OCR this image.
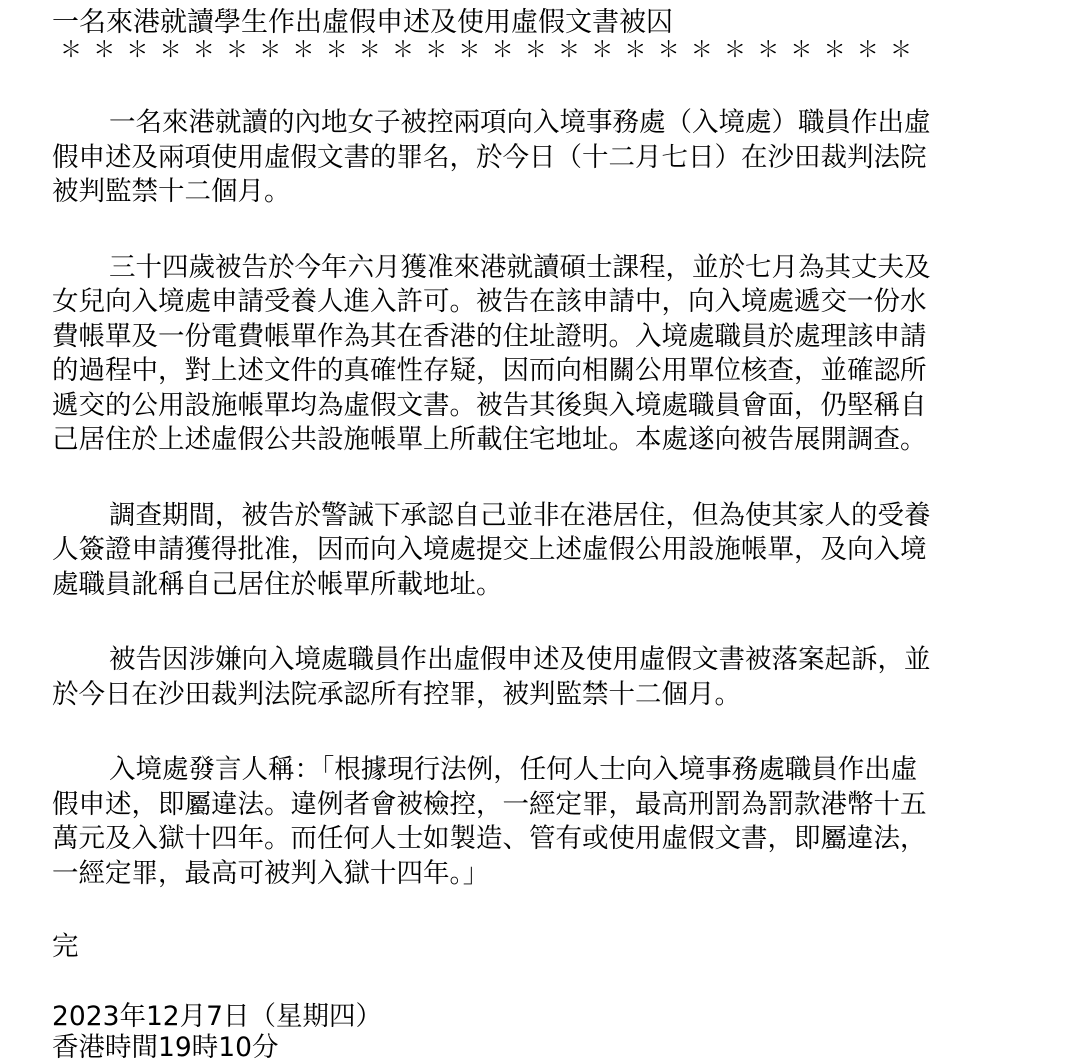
一名來港就讀學生作出虛假申述及使用虛假文書被囚
＊＊＊＊＊＊＊＊＊＊＊＊＊＊＊＊＊＊＊＊＊＊＊＊＊＊

一名來港就讀的內地女子被控兩項向入境事務處（入境處）職員作出虛
假申述及兩項使用虛假文書的罪名，於今日（十二月七日）在沙田裁判法院
被判監禁十二個月。

三十四歲被告於今年六月獲准來港就讀碩士課程，並於七月為其丈夫及
女兒向入境處申請受養人進入許可。被告在該申請中，向入境處遞交一份水
費帳單及一份電費帳單作為其在香港的住址證明。入境處職員於處理該申請
的過程中，對上述文件的真確性存疑，因而向相關公用單位核查，並確認所
遞交的公用設施帳單均為虛假文書。被告其後與入境處職員會面，仍堅稱自
己居住於上述虛假公共設施帳單上所載住宅地址。本處遂向被告展開調查。

調查期間，被告於警誡下承認自己並非在港居住，但為使其家人的受養
人簽證申請獲得批准，因而向入境處提交上述虛假公用設施帳單，及向入境
處職員訛稱自己居住於帳單所載地址。

被告因涉嫌向入境處職員作出虛假申述及使用虛假文書被落案起訴，並
於今日在沙田裁判法院承認所有控罪，被判監禁十二個月。

入境處發言人稱：「根據現行法例，任何人士向入境事務處職員作出虛
假申述，即屬違法。違例者會被檢控，一經定罪，最高刑罰為罰款港幣十五
萬元及入獄十四年。而任何人士如製造、管有或使用虛假文書，即屬違法，
一經定罪，最高可被判入獄十四年。」

完

2023年12月7日（星期四）

香港時間19時10分
